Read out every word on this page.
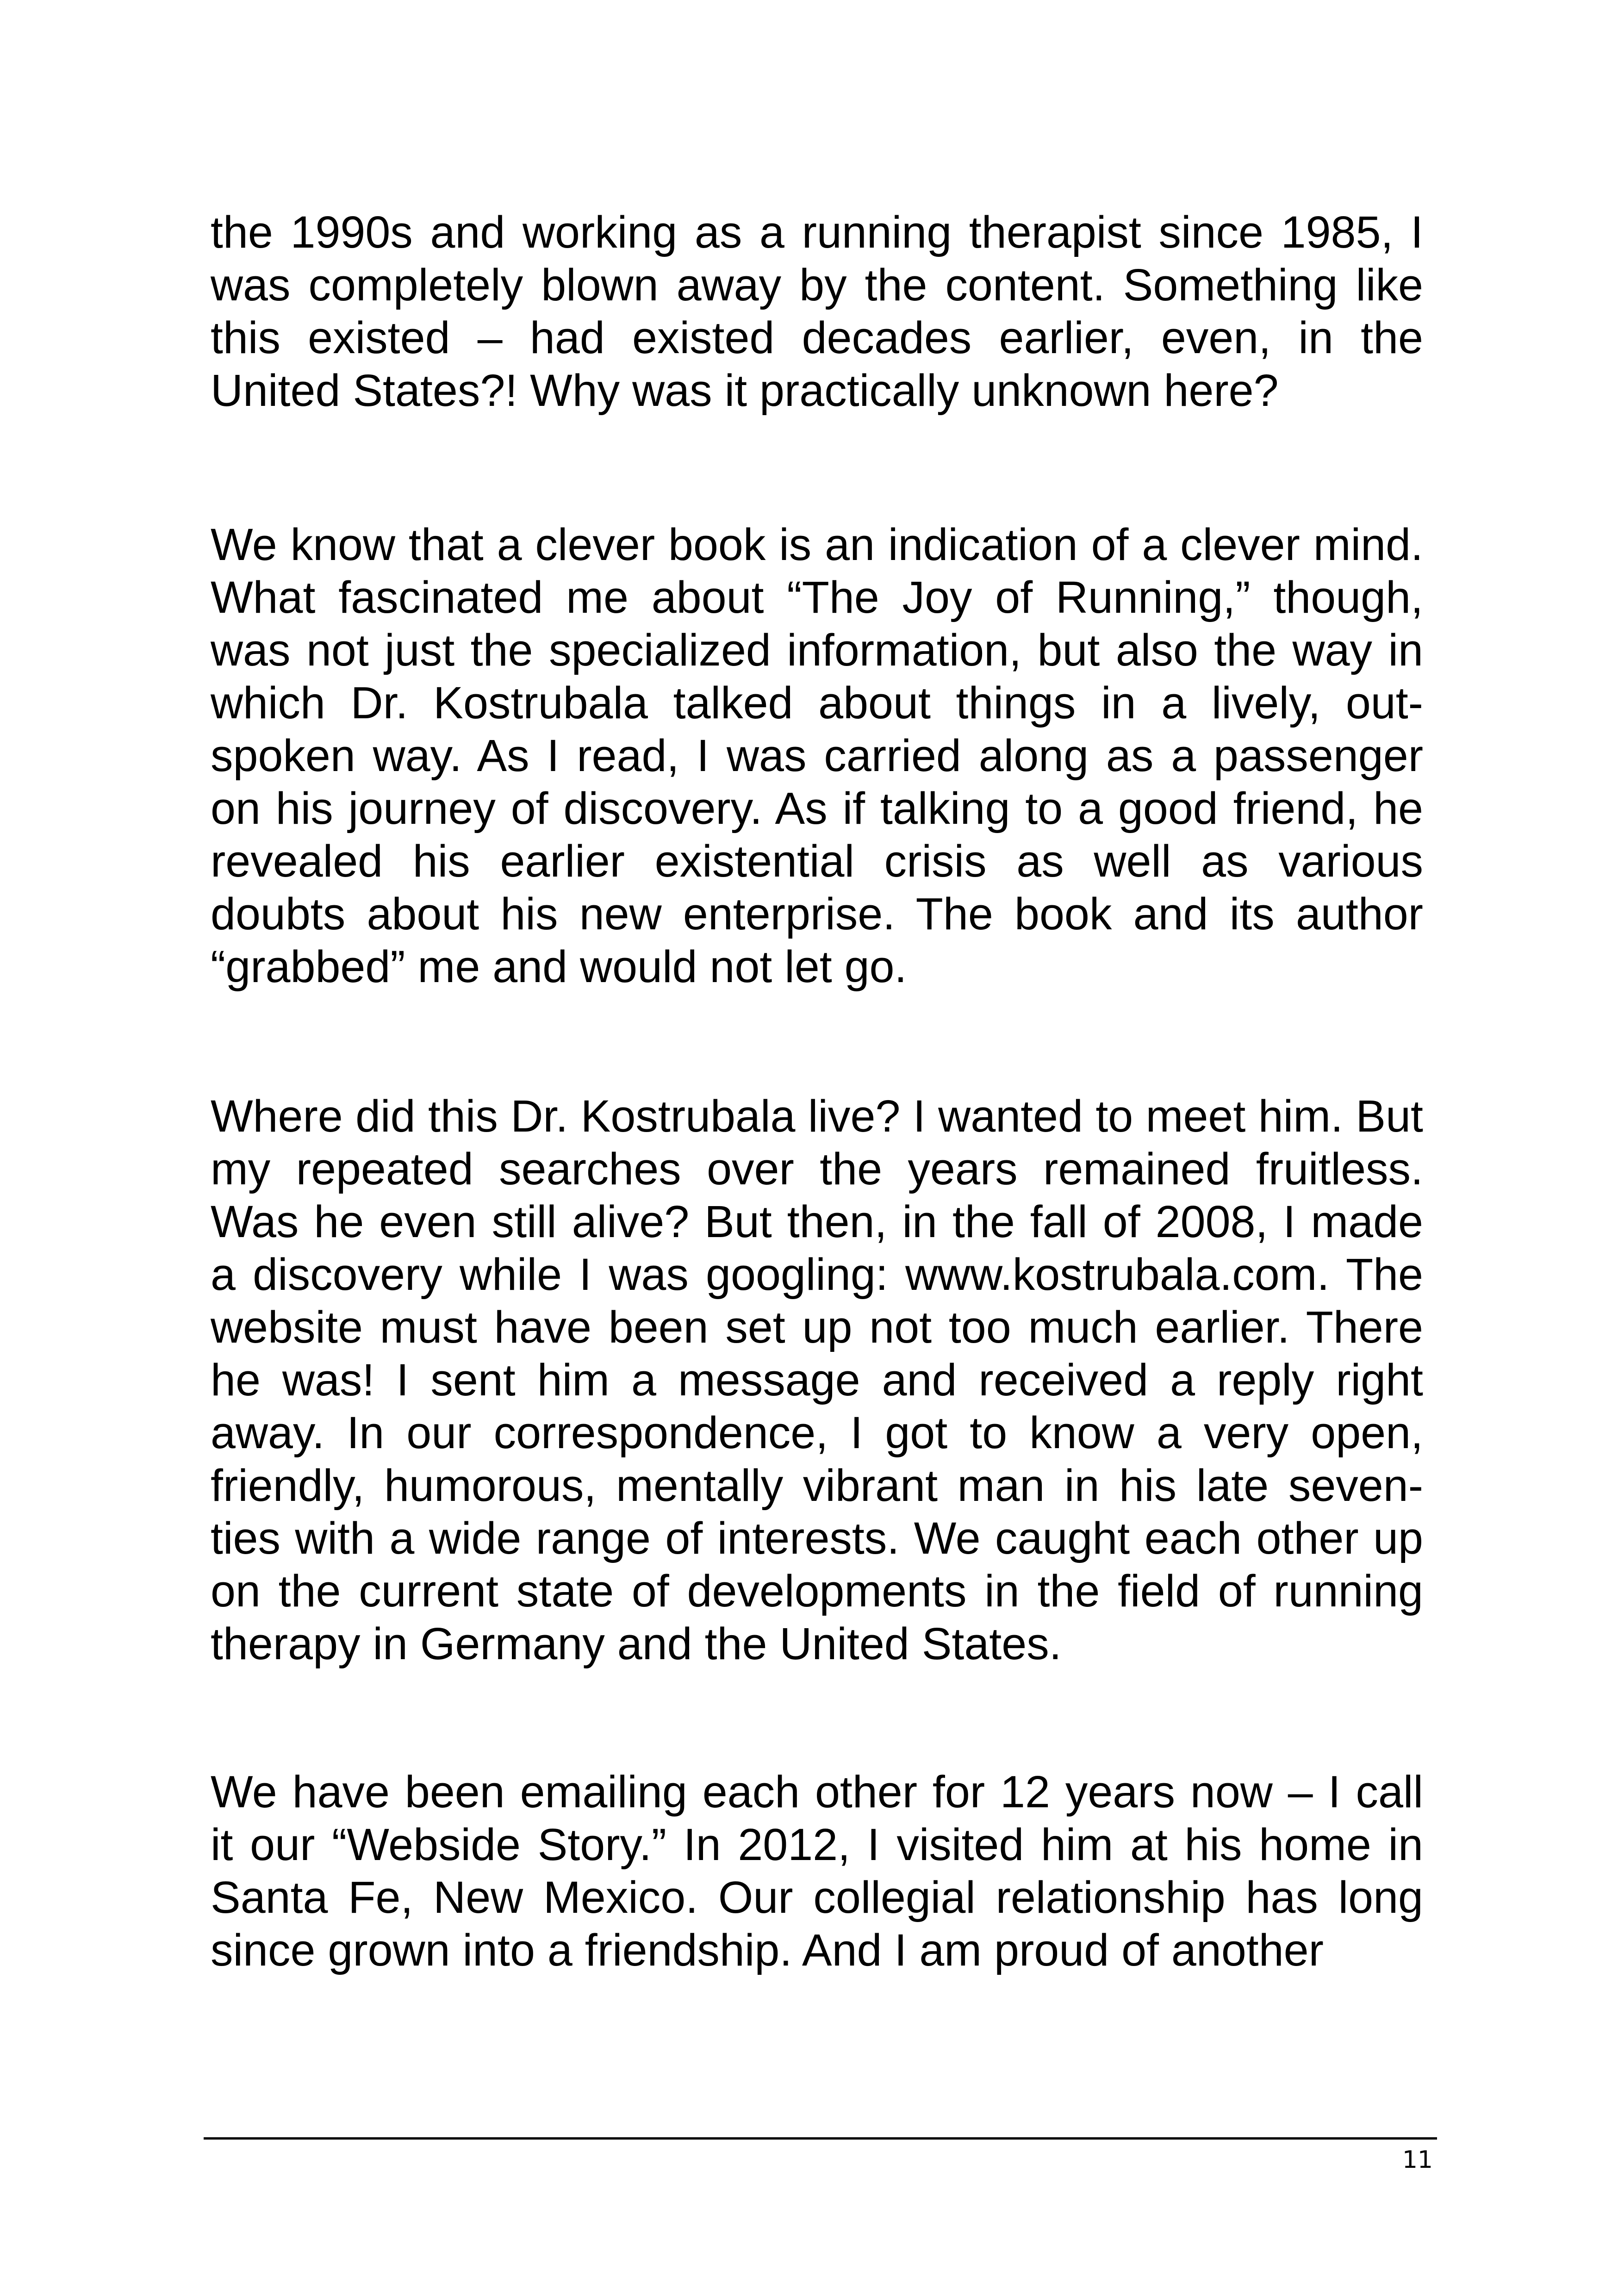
the 1990s and working as a running therapist since 1985, I was completely blown away by the content. Something like this existed – had existed decades earlier, even, in the United States?! Why was it practically unknown here?

We know that a clever book is an indication of a clever mind. What fascinated me about “The Joy of Running,” though, was not just the specialized information, but also the way in which Dr. Kostrubala talked about things in a lively, out-spoken way. As I read, I was carried along as a passenger on his journey of discovery. As if talking to a good friend, he revealed his earlier existential crisis as well as various doubts about his new enterprise. The book and its author “grabbed” me and would not let go.

Where did this Dr. Kostrubala live? I wanted to meet him. But my repeated searches over the years remained fruitless. Was he even still alive? But then, in the fall of 2008, I made a discovery while I was googling: www.kostrubala.com. The website must have been set up not too much earlier. There he was! I sent him a message and received a reply right away. In our correspondence, I got to know a very open, friendly, humorous, mentally vibrant man in his late seven-ties with a wide range of interests. We caught each other up on the current state of developments in the field of running therapy in Germany and the United States.

We have been emailing each other for 12 years now – I call it our “Webside Story.” In 2012, I visited him at his home in Santa Fe, New Mexico. Our collegial relationship has long since grown into a friendship. And I am proud of another

11
